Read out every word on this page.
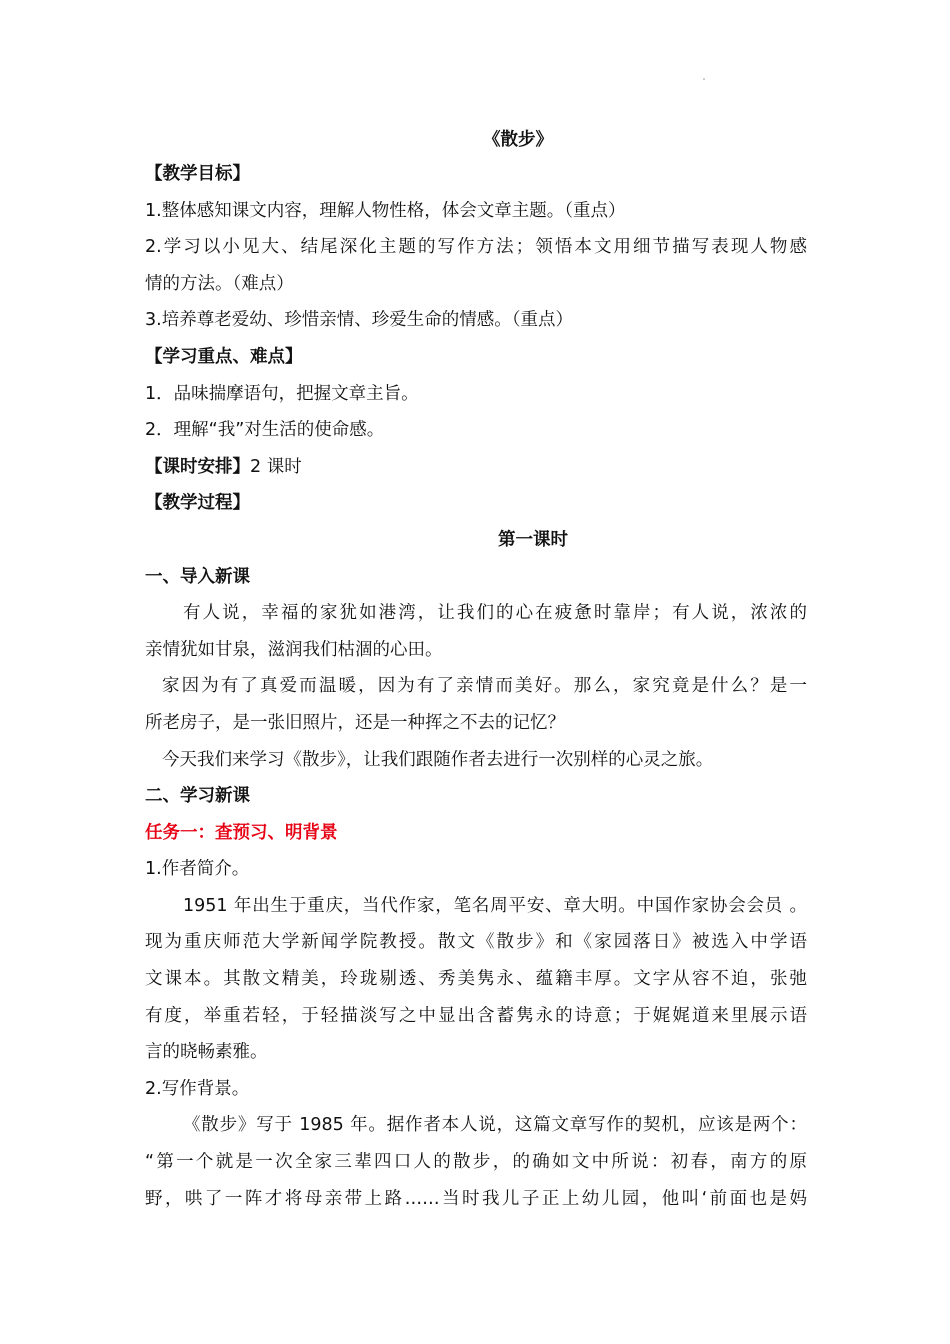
《散步》
【教学目标】
1.整体感知课文内容，理解人物性格，体会文章主题。（重点）
2.学习以小见大、结尾深化主题的写作方法；领悟本文用细节描写表现人物感
情的方法。（难点）
3.培养尊老爱幼、珍惜亲情、珍爱生命的情感。（重点）
【学习重点、难点】
1．品味揣摩语句，把握文章主旨。
2．理解“我”对生活的使命感。
【课时安排】2 课时
【教学过程】
第一课时
一、导入新课
有人说，幸福的家犹如港湾，让我们的心在疲惫时靠岸；有人说，浓浓的
亲情犹如甘泉，滋润我们枯涸的心田。
家因为有了真爱而温暖，因为有了亲情而美好。那么，家究竟是什么？是一
所老房子，是一张旧照片，还是一种挥之不去的记忆？
今天我们来学习《散步》，让我们跟随作者去进行一次别样的心灵之旅。
二、学习新课
任务一：查预习、明背景
1.作者简介。
1951 年出生于重庆，当代作家，笔名周平安、章大明。中国作家协会会员 。
现为重庆师范大学新闻学院教授。散文《散步》和《家园落日》被选入中学语
文课本。其散文精美，玲珑剔透、秀美隽永、蕴籍丰厚。文字从容不迫，张弛
有度，举重若轻，于轻描淡写之中显出含蓄隽永的诗意；于娓娓道来里展示语
言的晓畅素雅。
2.写作背景。
《散步》写于 1985 年。据作者本人说，这篇文章写作的契机，应该是两个：
“第一个就是一次全家三辈四口人的散步，的确如文中所说：初春，南方的原
野，哄了一阵才将母亲带上路……当时我儿子正上幼儿园，他叫‘前面也是妈
